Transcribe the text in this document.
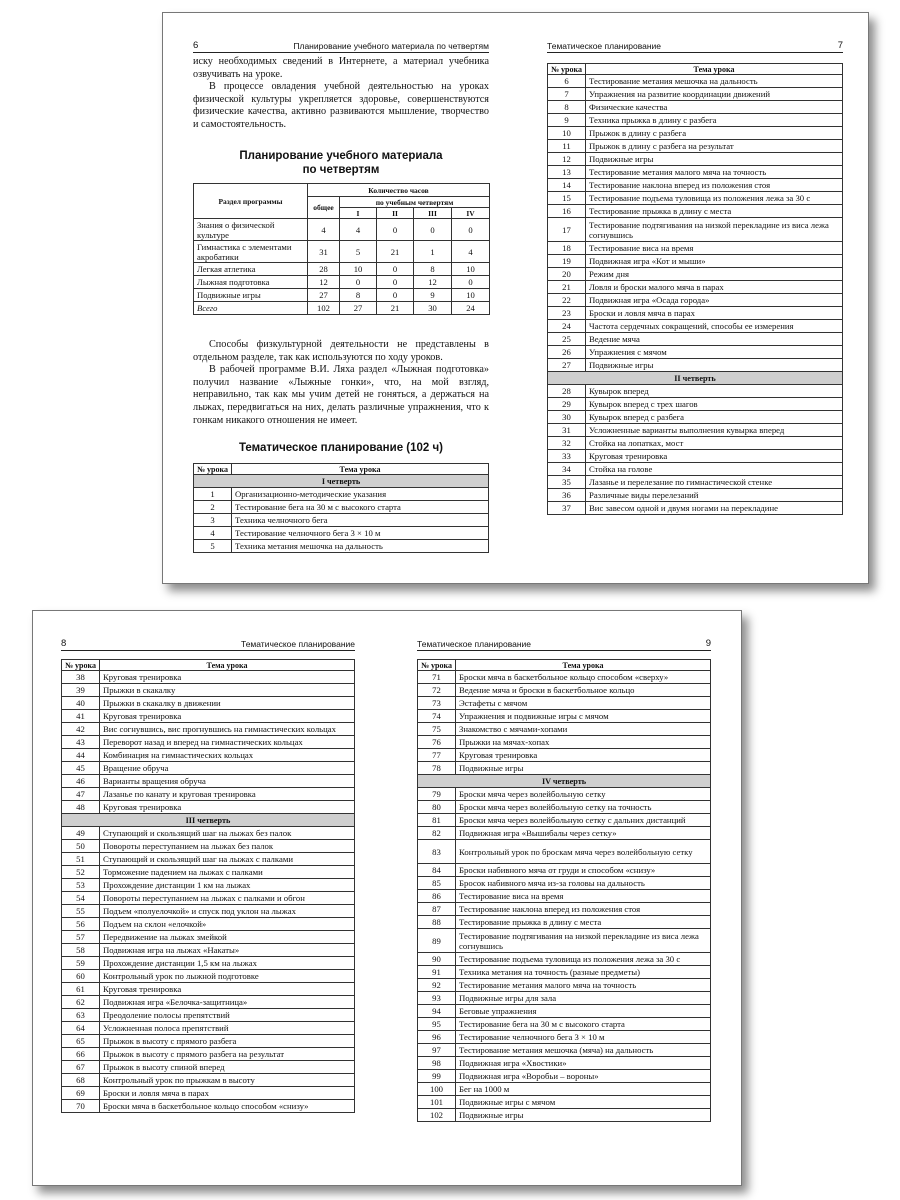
6	Планирование учебного материала по четвертям

иску необходимых сведений в Интернете, а материал учебника озвучивать на уроке.

В процессе овладения учебной деятельностью на уроках физической культуры укрепляется здоровье, совершенствуются физические качества, активно развиваются мышление, творчество и самостоятельность.

Планирование учебного материала
по четвертям
Раздел программы	Количество часов				
	общее	по учебным четвертям			
		I	II	III	IV
Знания о физической культуре	4	4	0	0	0
Гимнастика с элементами акробатики	31	5	21	1	4
Легкая атлетика	28	10	0	8	10
Лыжная подготовка	12	0	0	12	0
Подвижные игры	27	8	0	9	10
Всего	102	27	21	30	24

Способы физкультурной деятельности не представлены в отдельном разделе, так как используются по ходу уроков.

В рабочей программе В.И. Ляха раздел «Лыжная подготовка» получил название «Лыжные гонки», что, на мой взгляд, неправильно, так как мы учим детей не гоняться, а держаться на лыжах, передвигаться на них, делать различные упражнения, что к гонкам никакого отношения не имеет.

Тематическое планирование (102 ч)
№ урока	Тема урока
I четверть	
1	Организационно-методические указания
2	Тестирование бега на 30 м с высокого старта
3	Техника челночного бега
4	Тестирование челночного бега 3 × 10 м
5	Техника метания мешочка на дальность
Тематическое планирование	7
№ урока	Тема урока
6	Тестирование метания мешочка на дальность
7	Упражнения на развитие координации движений
8	Физические качества
9	Техника прыжка в длину с разбега
10	Прыжок в длину с разбега
11	Прыжок в длину с разбега на результат
12	Подвижные игры
13	Тестирование метания малого мяча на точность
14	Тестирование наклона вперед из положения стоя
15	Тестирование подъема туловища из положения лежа за 30 с
16	Тестирование прыжка в длину с места
17	Тестирование подтягивания на низкой перекладине из виса лежа согнувшись
18	Тестирование виса на время
19	Подвижная игра «Кот и мыши»
20	Режим дня
21	Ловля и броски малого мяча в парах
22	Подвижная игра «Осада города»
23	Броски и ловля мяча в парах
24	Частота сердечных сокращений, способы ее измерения
25	Ведение мяча
26	Упражнения с мячом
27	Подвижные игры
II четверть	
28	Кувырок вперед
29	Кувырок вперед с трех шагов
30	Кувырок вперед с разбега
31	Усложненные варианты выполнения кувырка вперед
32	Стойка на лопатках, мост
33	Круговая тренировка
34	Стойка на голове
35	Лазанье и перелезание по гимнастической стенке
36	Различные виды перелезаний
37	Вис завесом одной и двумя ногами на перекладине
8	Тематическое планирование
№ урока	Тема урока
38	Круговая тренировка
39	Прыжки в скакалку
40	Прыжки в скакалку в движении
41	Круговая тренировка
42	Вис согнувшись, вис прогнувшись на гимнастических кольцах
43	Переворот назад и вперед на гимнастических кольцах
44	Комбинация на гимнастических кольцах
45	Вращение обруча
46	Варианты вращения обруча
47	Лазанье по канату и круговая тренировка
48	Круговая тренировка
III четверть	
49	Ступающий и скользящий шаг на лыжах без палок
50	Повороты переступанием на лыжах без палок
51	Ступающий и скользящий шаг на лыжах с палками
52	Торможение падением на лыжах с палками
53	Прохождение дистанции 1 км на лыжах
54	Повороты переступанием на лыжах с палками и обгон
55	Подъем «полуелочкой» и спуск под уклон на лыжах
56	Подъем на склон «елочкой»
57	Передвижение на лыжах змейкой
58	Подвижная игра на лыжах «Накаты»
59	Прохождение дистанции 1,5 км на лыжах
60	Контрольный урок по лыжной подготовке
61	Круговая тренировка
62	Подвижная игра «Белочка-защитница»
63	Преодоление полосы препятствий
64	Усложненная полоса препятствий
65	Прыжок в высоту с прямого разбега
66	Прыжок в высоту с прямого разбега на результат
67	Прыжок в высоту спиной вперед
68	Контрольный урок по прыжкам в высоту
69	Броски и ловля мяча в парах
70	Броски мяча в баскетбольное кольцо способом «снизу»
Тематическое планирование	9
№ урока	Тема урока
71	Броски мяча в баскетбольное кольцо способом «сверху»
72	Ведение мяча и броски в баскетбольное кольцо
73	Эстафеты с мячом
74	Упражнения и подвижные игры с мячом
75	Знакомство с мячами-хопами
76	Прыжки на мячах-хопах
77	Круговая тренировка
78	Подвижные игры
IV четверть	
79	Броски мяча через волейбольную сетку
80	Броски мяча через волейбольную сетку на точность
81	Броски мяча через волейбольную сетку с дальних дистанций
82	Подвижная игра «Вышибалы через сетку»
83	Контрольный урок по броскам мяча через волейбольную сетку
84	Броски набивного мяча от груди и способом «снизу»
85	Бросок набивного мяча из-за головы на дальность
86	Тестирование виса на время
87	Тестирование наклона вперед из положения стоя
88	Тестирование прыжка в длину с места
89	Тестирование подтягивания на низкой перекладине из виса лежа согнувшись
90	Тестирование подъема туловища из положения лежа за 30 с
91	Техника метания на точность (разные предметы)
92	Тестирование метания малого мяча на точность
93	Подвижные игры для зала
94	Беговые упражнения
95	Тестирование бега на 30 м с высокого старта
96	Тестирование челночного бега 3 × 10 м
97	Тестирование метания мешочка (мяча) на дальность
98	Подвижная игра «Хвостики»
99	Подвижная игра «Воробьи – вороны»
100	Бег на 1000 м
101	Подвижные игры с мячом
102	Подвижные игры
